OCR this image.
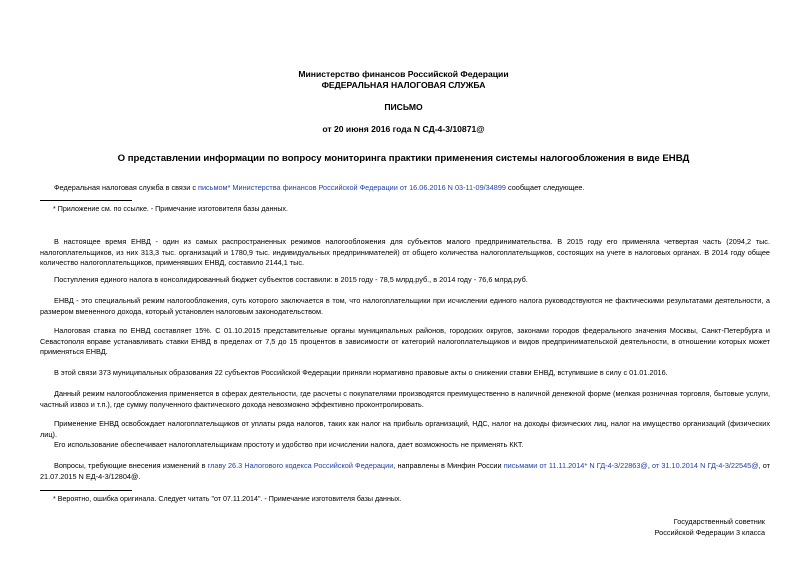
Министерство финансов Российской Федерации
ФЕДЕРАЛЬНАЯ НАЛОГОВАЯ СЛУЖБА
ПИСЬМО
от 20 июня 2016 года N СД-4-3/10871@
О представлении информации по вопросу мониторинга практики применения системы налогообложения в виде ЕНВД
Федеральная налоговая служба в связи с письмом* Министерства финансов Российской Федерации от 16.06.2016 N 03-11-09/34899 сообщает следующее.
* Приложение см. по ссылке. - Примечание изготовителя базы данных.
В настоящее время ЕНВД - один из самых распространенных режимов налогообложения для субъектов малого предпринимательства. В 2015 году его применяла четвертая часть (2094,2 тыс. налогоплательщиков, из них 313,3 тыс. организаций и 1780,9 тыс. индивидуальных предпринимателей) от общего количества налогоплательщиков, состоящих на учете в налоговых органах. В 2014 году общее количество налогоплательщиков, применявших ЕНВД, составило 2144,1 тыс.
Поступления единого налога в консолидированный бюджет субъектов составили: в 2015 году - 78,5 млрд.руб., в 2014 году - 76,6 млрд.руб.
ЕНВД - это специальный режим налогообложения, суть которого заключается в том, что налогоплательщики при исчислении единого налога руководствуются не фактическими результатами деятельности, а размером вмененного дохода, который установлен налоговым законодательством.
Налоговая ставка по ЕНВД составляет 15%. С 01.10.2015 представительные органы муниципальных районов, городских округов, законами городов федерального значения Москвы, Санкт-Петербурга и Севастополя вправе устанавливать ставки ЕНВД в пределах от 7,5 до 15 процентов в зависимости от категорий налогоплательщиков и видов предпринимательской деятельности, в отношении которых может применяться ЕНВД.
В этой связи 373 муниципальных образования 22 субъектов Российской Федерации приняли нормативно правовые акты о снижении ставки ЕНВД, вступившие в силу с 01.01.2016.
Данный режим налогообложения применяется в сферах деятельности, где расчеты с покупателями производятся преимущественно в наличной денежной форме (мелкая розничная торговля, бытовые услуги, частный извоз и т.п.), где сумму полученного фактического дохода невозможно эффективно проконтролировать.
Применение ЕНВД освобождает налогоплательщиков от уплаты ряда налогов, таких как налог на прибыль организаций, НДС, налог на доходы физических лиц, налог на имущество организаций (физических лиц).
Его использование обеспечивает налогоплательщикам простоту и удобство при исчислении налога, дает возможность не применять ККТ.
Вопросы, требующие внесения изменений в главу 26.3 Налогового кодекса Российской Федерации, направлены в Минфин России письмами от 11.11.2014* N ГД-4-3/22863@, от 31.10.2014 N ГД-4-3/22545@, от 21.07.2015 N ЕД-4-3/12804@.
* Вероятно, ошибка оригинала. Следует читать "от 07.11.2014". - Примечание изготовителя базы данных.
Государственный советник
Российской Федерации 3 класса
